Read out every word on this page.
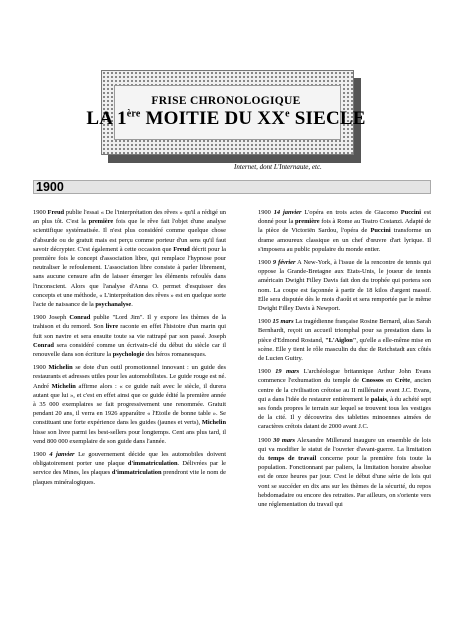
FRISE CHRONOLOGIQUE
LA 1ère MOITIE DU XXe SIECLE
Internet, dont L'Internaute, etc.
1900

1900 Freud publie l'essai « De l'interprétation des rêves » qu'il a rédigé un an plus tôt. C'est la première fois que le rêve fait l'objet d'une analyse scientifique systématisée. Il n'est plus considéré comme quelque chose d'absurde ou de gratuit mais est perçu comme porteur d'un sens qu'il faut savoir décrypter. C'est également à cette occasion que Freud décrit pour la première fois le concept d'association libre, qui remplace l'hypnose pour neutraliser le refoulement. L'association libre consiste à parler librement, sans aucune censure afin de laisser émerger les éléments refoulés dans l'inconscient. Alors que l'analyse d'Anna O. permet d'esquisser des concepts et une méthode, « L'interprétation des rêves » est en quelque sorte l'acte de naissance de la psychanalyse.

1900 Joseph Conrad publie "Lord Jim". Il y expore les thèmes de la trahison et du remord. Son livre raconte en effet l'histoire d'un marin qui fuit son navire et sera ensuite toute sa vie rattrapé par son passé. Joseph Conrad sera considéré comme un écrivain-clé du début du siècle car il renouvelle dans son écriture la psychologie des héros romanesques.

1900 Michelin se dote d'un outil promotionnel innovant : un guide des restaurants et adresses utiles pour les automobilistes. Le guide rouge est né. André Michelin affirme alors : « ce guide naît avec le siècle, il durera autant que lui », et c'est en effet ainsi que ce guide édité la première année à 35 000 exemplaires se fait progressivement une renommée. Gratuit pendant 20 ans, il verra en 1926 apparaître « l'Etoile de bonne table ». Se constituant une forte expérience dans les guides (jaunes et verts), Michelin hisse son livre parmi les best-sellers pour longtemps. Cent ans plus tard, il vend 800 000 exemplaire de son guide dans l'année.

1900 4 janvier Le gouvernement décide que les automobiles doivent obligatoirement porter une plaque d'immatriculation. Délivrées par le service des Mines, les plaques d'immatriculation prendront vite le nom de plaques minéralogiques.

1900 14 janvier L'opéra en trois actes de Giacomo Puccini est donné pour la première fois à Rome au Teatro Costanzi. Adapté de la pièce de Victoriën Sardou, l'opéra de Puccini transforme un drame amoureux classique en un chef d'œuvre d'art lyrique. Il s'imposera au public populaire du monde entier.

1900 9 février A New-York, à l'issue de la rencontre de tennis qui oppose la Grande-Bretagne aux Etats-Unis, le joueur de tennis américain Dwight Filley Davis fait don du trophée qui portera son nom. La coupe est façonnée à partir de 18 kilos d'argent massif. Elle sera disputée dès le mois d'août et sera remportée par le même Dwight Filley Davis à Newport.

1900 15 mars La tragédienne française Rosine Bernard, alias Sarah Bernhardt, reçoit un accueil triomphal pour sa prestation dans la pièce d'Edmond Rostand, "L'Aiglon", qu'elle a elle-même mise en scène. Elle y tient le rôle masculin du duc de Reichstadt aux côtés de Lucien Guitry.

1900 19 mars L'archéologue britannique Arthur John Evans commence l'exhumation du temple de Cnossos en Crète, ancien centre de la civilisation crétoise au II millénaire avant J.C. Evans, qui a dans l'idée de restaurer entièrement le palais, à du achété sept ses fonds propres le terrain sur lequel se trouvent tous les vestiges de la cité. Il y découvrira des tablettes minoennes aimées de caractères crétois datant de 2000 avant J.C.

1900 30 mars Alexandre Millerand inaugure un ensemble de lois qui va modifier le statut de l'ouvrier d'avant-guerre. La limitation du temps de travail concerne pour la première fois toute la population. Fonctionnant par paliers, la limitation horaire absolue est de onze heures par jour. C'est le début d'une série de lois qui vont se succéder en dix ans sur les thèmes de la sécurité, du repos hebdomadaire ou encore des retraites. Par ailleurs, on s'oriente vers une réglementation du travail qui
